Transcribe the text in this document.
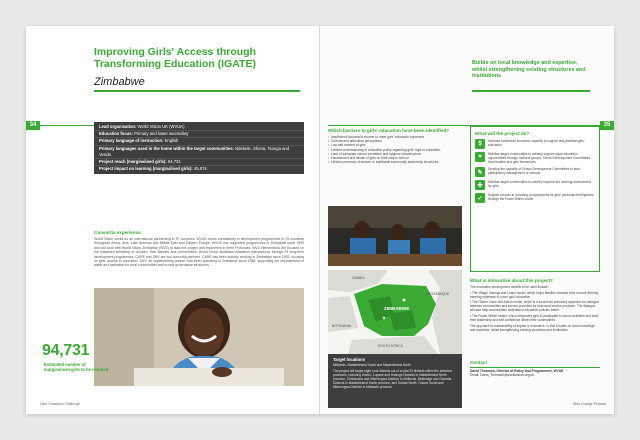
Improving Girls' Access through Transforming Education (IGATE)
Zimbabwe
34	Lead organisation: World Vision UK (WVUK)
Education focus: Primary and lower secondary
Primary language of instruction: English
Primary languages used in the home within the target communities: Ndebele, Shona, Tsonga and Venda
Project reach (marginalised girls): 94,731
Project impact on learning (marginalised girls): 49,874
Consortia experience
World Vision works as an international partnership in 97 countries. WVUK works consistently in development programmes in 29 countries throughout Africa, Asia, Latin America and Middle East and Eastern Europe. WVUK has supported programmes in Zimbabwe since 1999 and will work with World Vision Zimbabwe (WVZ) to lead this project and implement in three Provinces. WVZ interventions are focused on the sustained wellbeing of children, their families and communities. World Vision facilitates education interventions through 25 long-term development programmes. CARE and SNV are two consortia partners. CARE has been actively working in Zimbabwe since 1992, focusing on girls' access to education. SNV, an implementing partner, has been operating in Zimbabwe since 1985, supporting the improvement of water and sanitation for rural communities and school governance structures.
94,731
Estimated number of marginalised girls to be reached
Girls' Education Challenge
Builds on local knowledge and expertise, whilst strengthening existing structures and institutions
35
Which barriers to girls' education have been identified?
• Insufficient household income to meet girls' education expenses
• Cultural and attitudinal perceptions
• Low self-esteem of girls
• Limited understanding of education policy regarding girls' right to education
• Lack of adequate school sanitation and hygiene infrastructure
• Harassment and abuse of girls on their way to school
• Limited presence of women in traditional community leadership structures
ZIMBABWE
ZAMBIA
MOZAMBIQUE
BOTSWANA
SOUTH AFRICA
Target locations
Midlands, Matabeleland South and Matabeleland North.
The project will target eight rural districts out of a total 23 districts within the selected provinces, including Gweru, Lupane and Hwange Districts in Matabeleland North province; Zvishavane and Mberengwa Districts in Midlands; Beitbridge and Gwanda Districts in Matabeleland South province; and Gokwe North, Gokwe South and Mberengwa Districts in Midlands province.
What will the project do?
$	Increase household economic capacity to support and prioritise girls' education
♥	Mobilise target communities to actively support equal education opportunities through mothers groups, School Development Committees, local leaders and girls themselves
✎
Develop the capacity of School Development Committees to lead participatory management of schools
✚
Mobilise target communities to actively improve the learning environment for girls
✓
Support schools in providing an opportunity for girls' personal development through the Power Within model
What is innovative about this project?

The innovative development models to be used include:

• The Village Savings and Loans model, which helps families increase their income thereby meeting expenses to cover girls' education

• The Citizen Voice and Action model, which is a local-level advocacy approach for dialogue between communities and service providers for improved service provision. The dialogue will also help communities understand education policies better

• The Power Within model, which empowers girls to participate in school activities and build their leadership and self-confidence within their communities

The approach to sustainability of impact is innovative, in that it builds on local knowledge and expertise, whilst strengthening existing structures and institutions.

Contact
David Thomson, Director of Policy and Programmes, WVUK
Email: David_Thomson@worldvision.org.uk
Step Change Projects
